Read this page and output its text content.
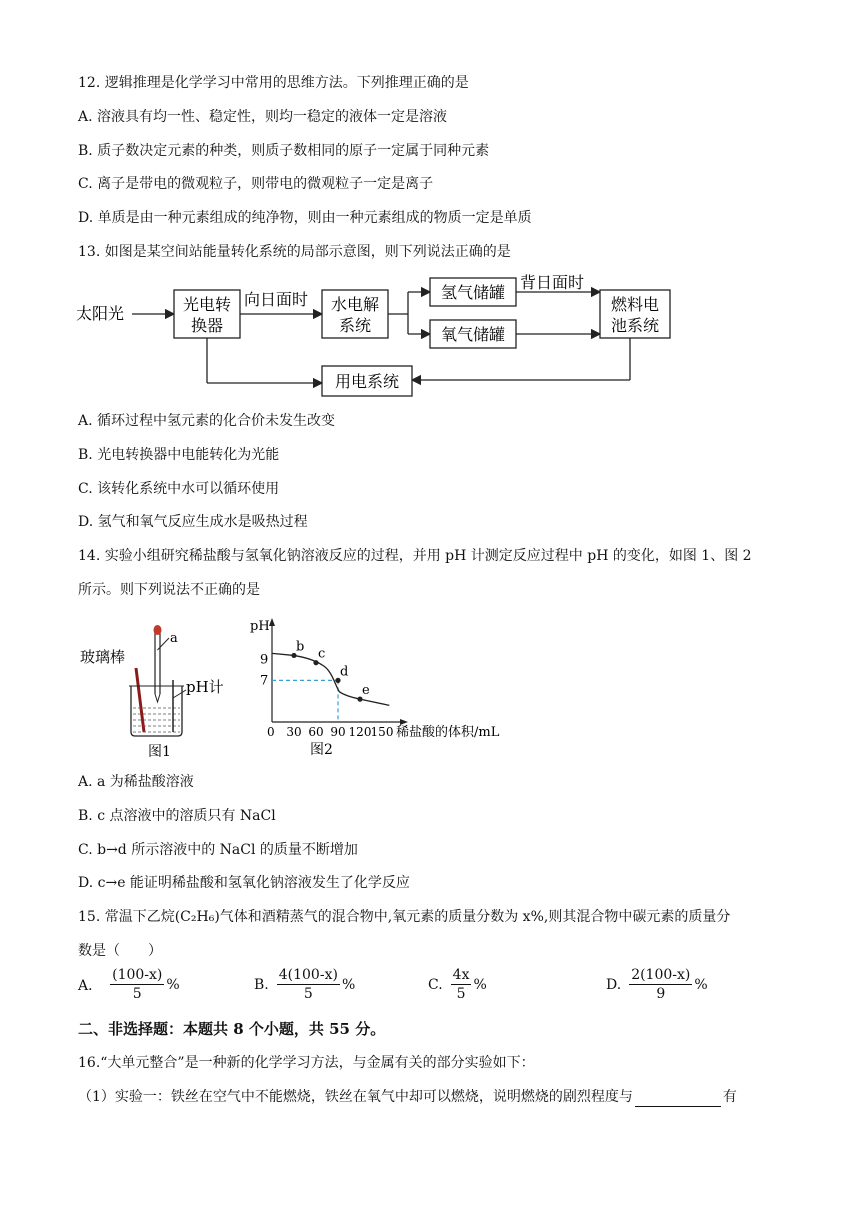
12. 逻辑推理是化学学习中常用的思维方法。下列推理正确的是
A. 溶液具有均一性、稳定性，则均一稳定的液体一定是溶液
B. 质子数决定元素的种类，则质子数相同的原子一定属于同种元素
C. 离子是带电的微观粒子，则带电的微观粒子一定是离子
D. 单质是由一种元素组成的纯净物，则由一种元素组成的物质一定是单质
13. 如图是某空间站能量转化系统的局部示意图，则下列说法正确的是
太阳光	光电转
换器
向日面时 水电解
系统
氢气储罐
氧气储罐
背日面时
燃料电
池系统
用电系统
A. 循环过程中氢元素的化合价未发生改变
B. 光电转换器中电能转化为光能
C. 该转化系统中水可以循环使用
D. 氢气和氧气反应生成水是吸热过程
14. 实验小组研究稀盐酸与氢氧化钠溶液反应的过程，并用 pH 计测定反应过程中 pH 的变化，如图 1、图 2
所示。则下列说法不正确的是
玻璃棒
a
pH计
图1
pH
稀盐酸的体积/mL
0
9
7
30 60 90 120 150
b c
d
e
图2
A. a 为稀盐酸溶液
B. c 点溶液中的溶质只有 NaCl
C. b→d 所示溶液中的 NaCl 的质量不断增加
D. c→e 能证明稀盐酸和氢氧化钠溶液发生了化学反应
15. 常温下乙烷(C₂H₆)气体和酒精蒸气的混合物中,氧元素的质量分数为 x%,则其混合物中碳元素的质量分
数是（　　）
A． $\frac{(100-x)}{5}$ %	B. $\frac{4(100-x)}{5}$ %	C. $\frac{4x}{5}$ %	D. $\frac{2(100-x)}{9}$ %
二、非选择题：本题共 8 个小题，共 55 分。
16.“大单元整合”是一种新的化学学习方法，与金属有关的部分实验如下：
（1）实验一：铁丝在空气中不能燃烧，铁丝在氧气中却可以燃烧，说明燃烧的剧烈程度与	有
